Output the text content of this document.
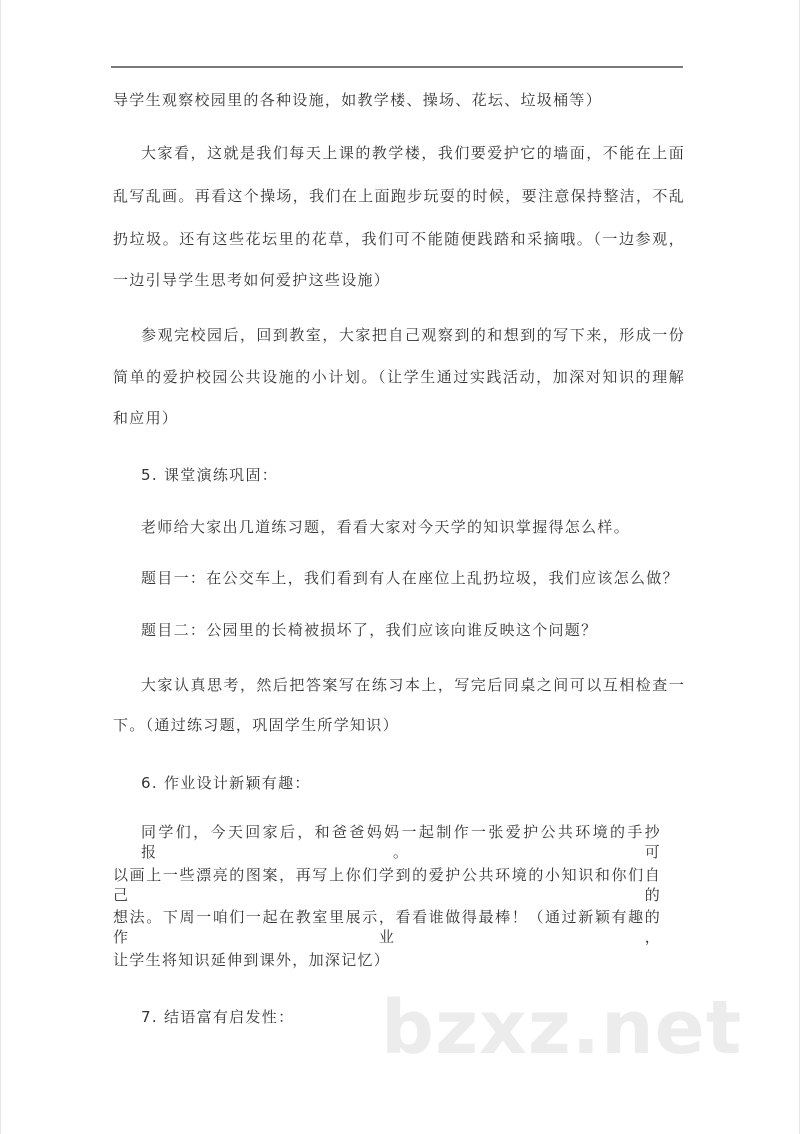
导学生观察校园里的各种设施，如教学楼、操场、花坛、垃圾桶等）
大家看，这就是我们每天上课的教学楼，我们要爱护它的墙面，不能在上面
乱写乱画。再看这个操场，我们在上面跑步玩耍的时候，要注意保持整洁，不乱
扔垃圾。还有这些花坛里的花草，我们可不能随便践踏和采摘哦。（一边参观，
一边引导学生思考如何爱护这些设施）
参观完校园后，回到教室，大家把自己观察到的和想到的写下来，形成一份
简单的爱护校园公共设施的小计划。（让学生通过实践活动，加深对知识的理解
和应用）
5. 课堂演练巩固：
老师给大家出几道练习题，看看大家对今天学的知识掌握得怎么样。
题目一：在公交车上，我们看到有人在座位上乱扔垃圾，我们应该怎么做？
题目二：公园里的长椅被损坏了，我们应该向谁反映这个问题？
大家认真思考，然后把答案写在练习本上，写完后同桌之间可以互相检查一
下。（通过练习题，巩固学生所学知识）
6. 作业设计新颖有趣：
同学们，今天回家后，和爸爸妈妈一起制作一张爱护公共环境的手抄报。可
以画上一些漂亮的图案，再写上你们学到的爱护公共环境的小知识和你们自己的
想法。下周一咱们一起在教室里展示，看看谁做得最棒！（通过新颖有趣的作业，
让学生将知识延伸到课外，加深记忆）
bzxz.net
7. 结语富有启发性：
